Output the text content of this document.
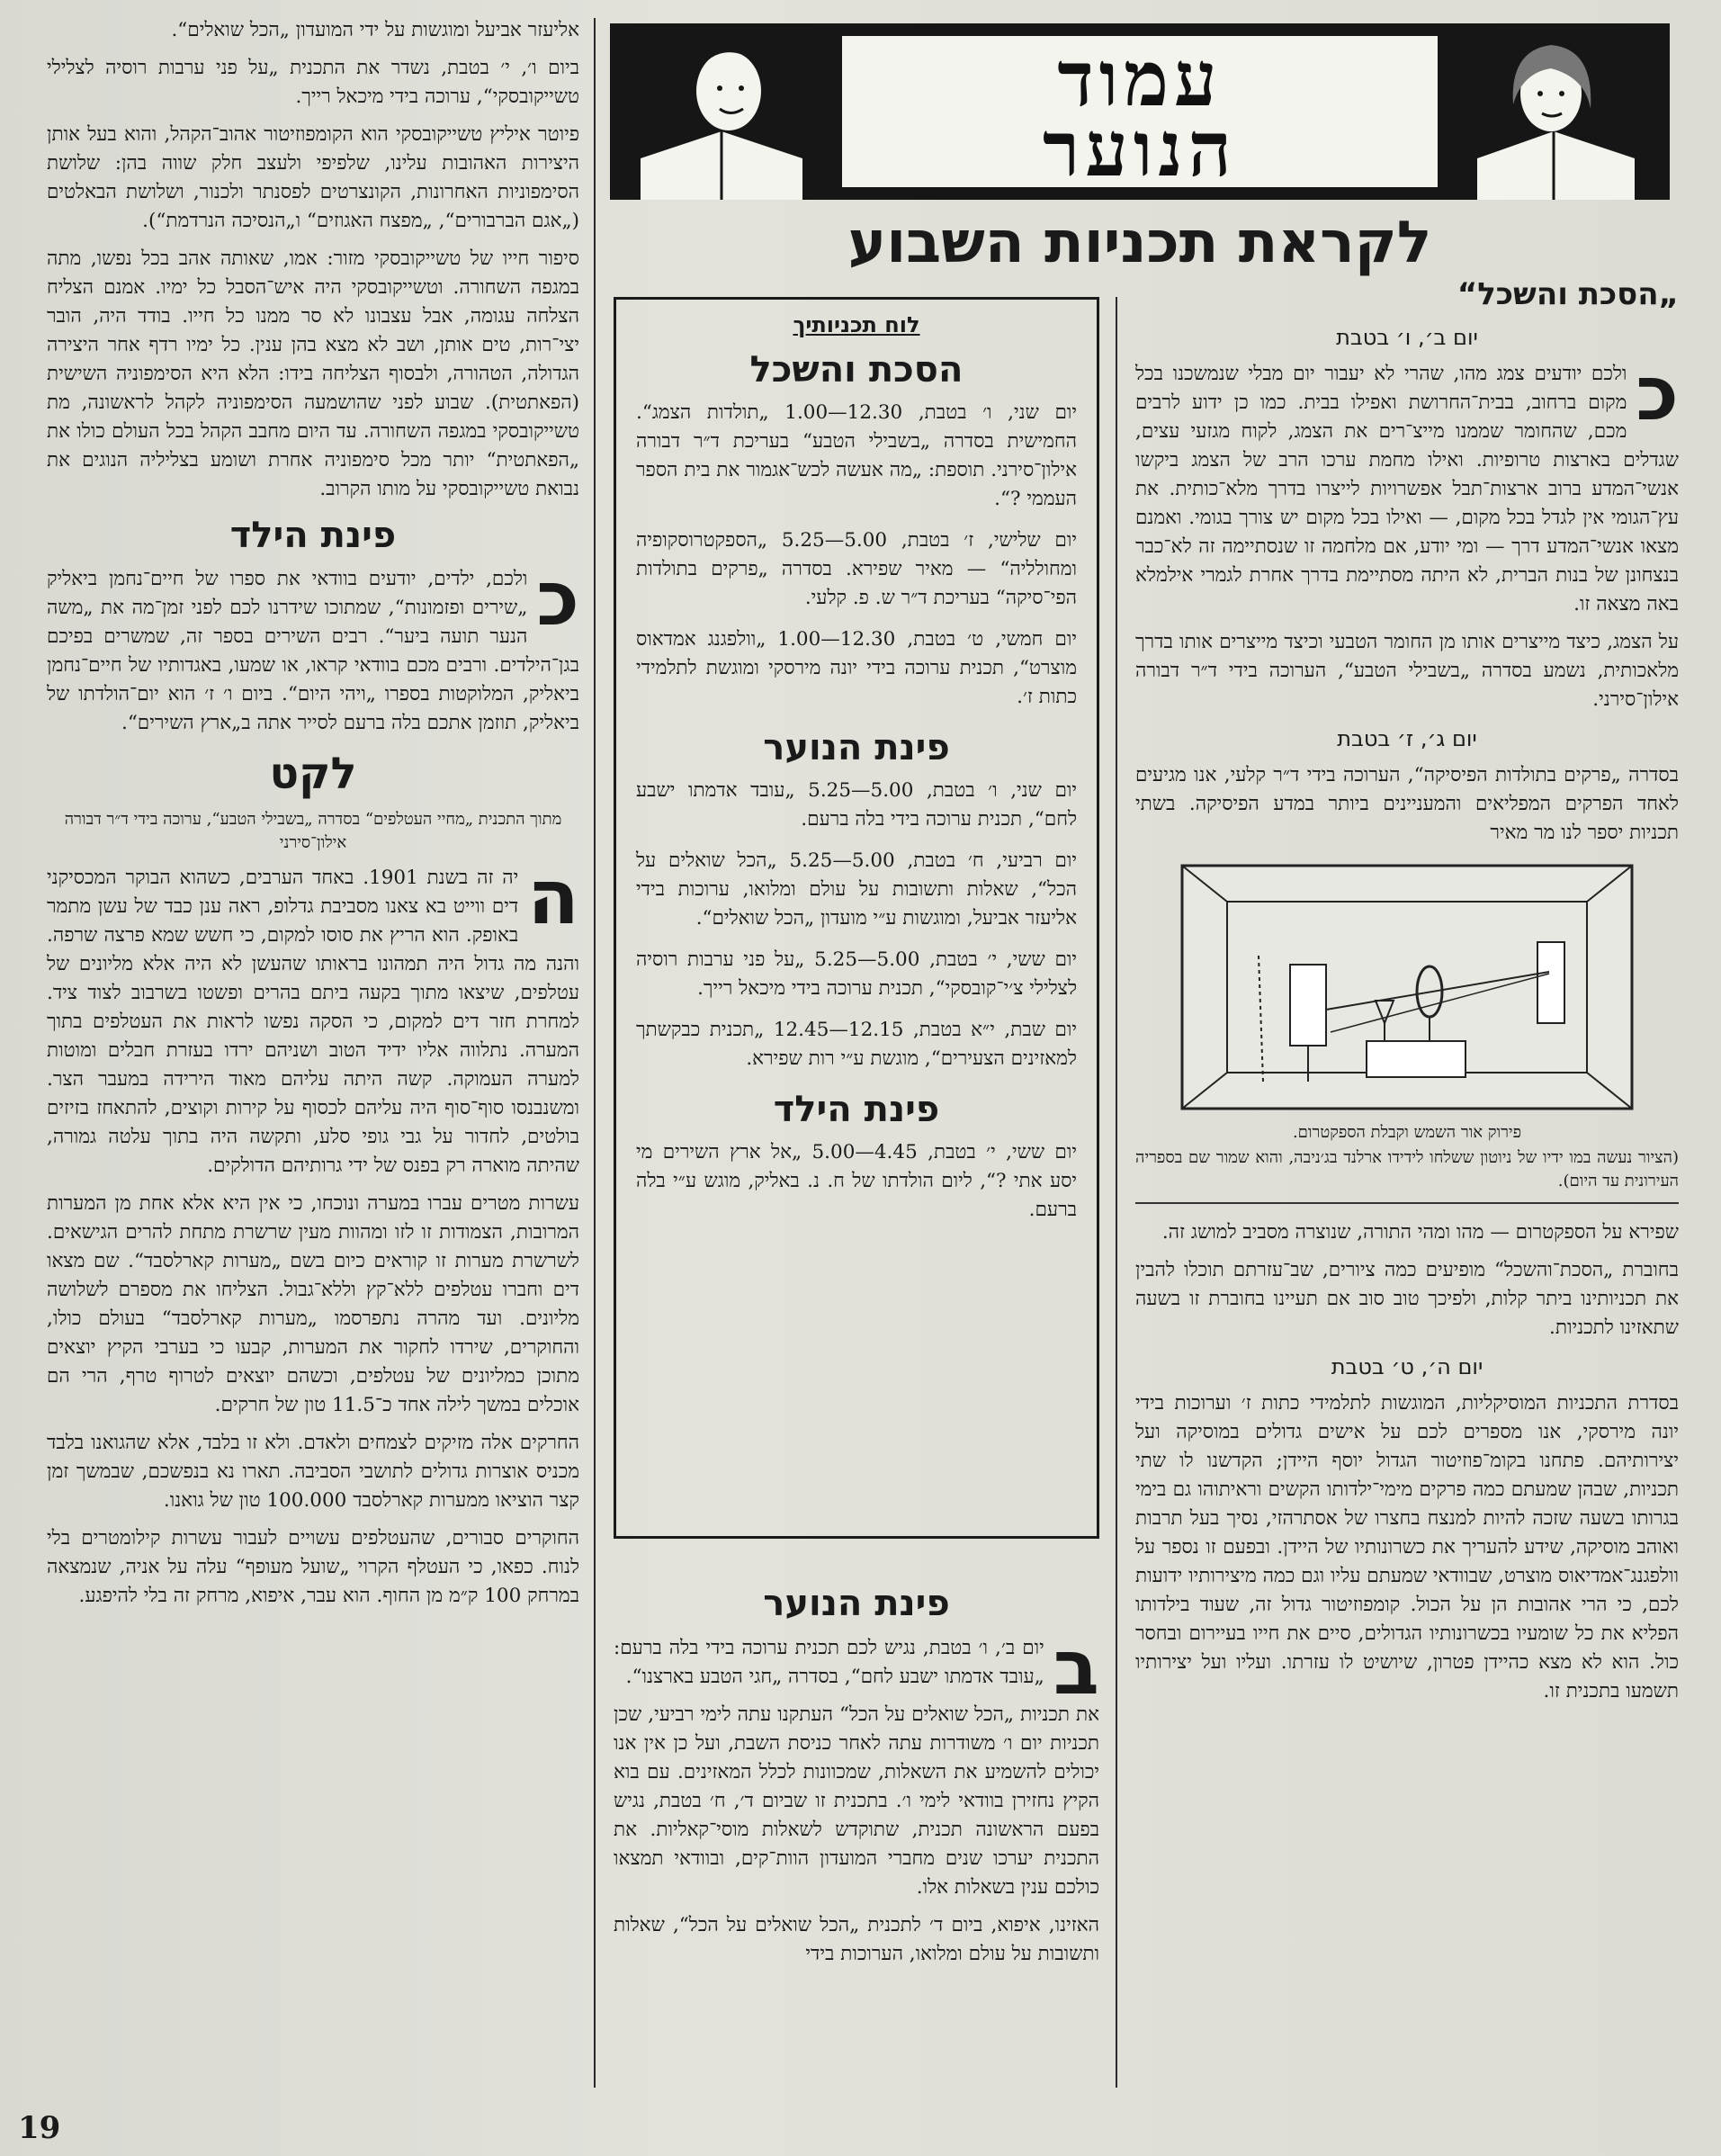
אליעזר אביעל ומוגשות על ידי המועדון „הכל שואלים“.

ביום ו׳, י׳ בטבת, נשדר את התכנית „על פני ערבות רוסיה לצלילי טשייקובסקי“, ערוכה בידי מיכאל רייך.

פיוטר איליץ טשייקובסקי הוא הקומפוזיטור אהוב־הקהל, והוא בעל אותן היצירות האהובות עלינו, שלפיפי ולעצב חלק שווה בהן: שלושת הסימפוניות האחרונות, הקונצרטים לפסנתר ולכנור, ושלושת הבאלטים („אגם הברבורים“, „מפצח האגוזים“ ו„הנסיכה הנרדמת“).

סיפור חייו של טשייקובסקי מזור: אמו, שאותה אהב בכל נפשו, מתה במגפה השחורה. וטשייקובסקי היה איש־הסבל כל ימיו. אמנם הצליח הצלחה עגומה, אבל עצבונו לא סר ממנו כל חייו. בודד היה, הובר יצי־רות, טים אותן, ושב לא מצא בהן ענין. כל ימיו רדף אחר היצירה הגדולה, הטהורה, ולבסוף הצליחה בידו: הלא היא הסימפוניה השישית (הפאתטית). שבוע לפני שהושמעה הסימפוניה לקהל לראשונה, מת טשייקובסקי במגפה השחורה. עד היום מחבב הקהל בכל העולם כולו את „הפאתטית“ יותר מכל סימפוניה אחרת ושומע בצליליה הנוגים את נבואת טשייקובסקי על מותו הקרוב.

פינת הילד

כ
ולכם, ילדים, יודעים בוודאי את ספרו של חיים־נחמן ביאליק „שירים ופזמונות“, שמתוכו שידרנו לכם לפני זמן־מה את „משה הנער תועה ביער“. רבים השירים בספר זה, שמשרים בפיכם בגן־הילדים. ורבים מכם בוודאי קראו, או שמעו, באגדותיו של חיים־נחמן ביאליק, המלוקטות בספרו „ויהי היום“. ביום ו׳ ז׳ הוא יום־הולדתו של ביאליק, תוזמן אתכם בלה ברעם לסייר אתה ב„ארץ השירים“.

לקט

מתוך התכנית „מחיי העטלפים“ בסדרה „בשבילי הטבע“, ערוכה בידי ד״ר דבורה אילון־סירני

ה
יה זה בשנת 1901. באחד הערבים, כשהוא הבוקר המכסיקני דים ווייט בא צאנו מסביבת גדלופ, ראה ענן כבד של עשן מתמר באופק. הוא הריץ את סוסו למקום, כי חשש שמא פרצה שרפה. והנה מה גדול היה תמהונו בראותו שהעשן לא היה אלא מליונים של עטלפים, שיצאו מתוך בקעה ביתם בהרים ופשטו בשרבוב לצוד ציד. למחרת חזר דים למקום, כי הסקה נפשו לראות את העטלפים בתוך המערה. נתלווה אליו ידיד הטוב ושניהם ירדו בעזרת חבלים ומוטות למערה העמוקה. קשה היתה עליהם מאוד הירידה במעבר הצר. ומשנבנסו סוף־סוף היה עליהם לכסוף על קירות וקוצים, להתאחז בזיזים בולטים, לחדור על גבי גופי סלע, ותקשה היה בתוך עלטה גמורה, שהיתה מוארה רק בפנס של ידי גרותיהם הדולקים.

עשרות מטרים עברו במערה ונוכחו, כי אין היא אלא אחת מן המערות המרובות, הצמודות זו לזו ומהוות מעין שרשרת מתחת להרים הגישאים. לשרשרת מערות זו קוראים כיום בשם „מערות קארלסבד“. שם מצאו דים וחברו עטלפים ללא־קץ וללא־גבול. הצליחו את מספרם לשלושה מליונים. ועד מהרה נתפרסמו „מערות קארלסבד“ בעולם כולו, והחוקרים, שירדו לחקור את המערות, קבעו כי בערבי הקיץ יוצאים מתוכן כמליונים של עטלפים, וכשהם יוצאים לטרוף טרף, הרי הם אוכלים במשך לילה אחד כ־11.5 טון של חרקים.

החרקים אלה מזיקים לצמחים ולאדם. ולא זו בלבד, אלא שהגואנו בלבד מכניס אוצרות גדולים לתושבי הסביבה. תארו נא בנפשכם, שבמשך זמן קצר הוציאו ממערות קארלסבד 100.000 טון של גואנו.

החוקרים סבורים, שהעטלפים עשויים לעבור עשרות קילומטרים בלי לנוח. כפאו, כי העטלף הקרוי „שועל מעופף“ עלה על אניה, שנמצאה במרחק 100 ק״מ מן החוף. הוא עבר, איפוא, מרחק זה בלי להיפגע.

עמוד
הנוער
לקראת תכניות השבוע
לוח תכניותיך
הסכת והשכל
יום שני, ו׳ בטבת, 12.30—1.00 „תולדות הצמג“. החמישית בסדרה „בשבילי הטבע“ בעריכת ד״ר דבורה אילון־סירני. תוספת: „מה אעשה לכש־אגמור את בית הספר העממי ?“.
יום שלישי, ז׳ בטבת, 5.00—5.25 „הספקטרוסקופיה ומחולליה“ — מאיר שפירא. בסדרה „פרקים בתולדות הפי־סיקה“ בעריכת ד״ר ש. פ. קלעי.
יום חמשי, ט׳ בטבת, 12.30—1.00 „וולפגנג אמדאוס מוצרט“, תכנית ערוכה בידי יונה מירסקי ומוגשת לתלמידי כתות ז׳.
פינת הנוער
יום שני, ו׳ בטבת, 5.00—5.25 „עובד אדמתו ישבע לחם“, תכנית ערוכה בידי בלה ברעם.
יום רביעי, ח׳ בטבת, 5.00—5.25 „הכל שואלים על הכל“, שאלות ותשובות על עולם ומלואו, ערוכות בידי אליעזר אביעל, ומוגשות ע״י מועדון „הכל שואלים“.
יום ששי, י׳ בטבת, 5.00—5.25 „על פני ערבות רוסיה לצלילי צ׳י־קובסקי“, תכנית ערוכה בידי מיכאל רייך.
יום שבת, י״א בטבת, 12.15—12.45 „תכנית כבקשתך למאזינים הצעירים“, מוגשת ע״י רות שפירא.
פינת הילד
יום ששי, י׳ בטבת, 4.45—5.00 „אל ארץ השירים מי יסע אתי ?“, ליום הולדתו של ח. נ. באליק, מוגש ע״י בלה ברעם.
פינת הנוער

ב
יום ב׳, ו׳ בטבת, נגיש לכם תכנית ערוכה בידי בלה ברעם: „עובד אדמתו ישבע לחם“, בסדרה „חגי הטבע בארצנו“.

את תכניות „הכל שואלים על הכל“ העתקנו עתה לימי רביעי, שכן תכניות יום ו׳ משודרות עתה לאחר כניסת השבת, ועל כן אין אנו יכולים להשמיע את השאלות, שמכוונות לכלל המאזינים. עם בוא הקיץ נחזירן בוודאי לימי ו׳. בתכנית זו שביום ד׳, ח׳ בטבת, נגיש בפעם הראשונה תכנית, שתוקדש לשאלות מוסי־קאליות. את התכנית יערכו שנים מחברי המועדון הוות־קים, ובוודאי תמצאו כולכם ענין בשאלות אלו.

האזינו, איפוא, ביום ד׳ לתכנית „הכל שואלים על הכל“, שאלות ותשובות על עולם ומלואו, הערוכות בידי

„הסכת והשכל“
יום ב׳, ו׳ בטבת

כ
ולכם יודעים צמג מהו, שהרי לא יעבור יום מבלי שנמשכנו בכל מקום ברחוב, בבית־החרושת ואפילו בבית. כמו כן ידוע לרבים מכם, שהחומר שממנו מייצ־רים את הצמג, לקוח מגזעי עצים, שגדלים בארצות טרופיות. ואילו מחמת ערכו הרב של הצמג ביקשו אנשי־המדע ברוב ארצות־תבל אפשרויות לייצרו בדרך מלא־כותית. את עץ־הגומי אין לגדל בכל מקום, — ואילו בכל מקום יש צורך בגומי. ואמנם מצאו אנשי־המדע דרך — ומי יודע, אם מלחמה זו שנסתיימה זה לא־כבר בנצחונן של בנות הברית, לא היתה מסתיימת בדרך אחרת לגמרי אילמלא באה מצאה זו.

על הצמג, כיצד מייצרים אותו מן החומר הטבעי וכיצד מייצרים אותו בדרך מלאכותית, נשמע בסדרה „בשבילי הטבע“, הערוכה בידי ד״ר דבורה אילון־סירני.

יום ג׳, ז׳ בטבת

בסדרה „פרקים בתולדות הפיסיקה“, הערוכה בידי ד״ר קלעי, אנו מגיעים לאחד הפרקים המפליאים והמעניינים ביותר במדע הפיסיקה. בשתי תכניות יספר לנו מר מאיר

פירוק אור השמש וקבלת הספקטרום.

(הציור נעשה במו ידיו של ניוטון ששלחו לידידו ארלנד בג׳ניבה, והוא שמור שם בספריה העירונית עד היום).

שפירא על הספקטרום — מהו ומהי התורה, שנוצרה מסביב למושג זה.

בחוברת „הסכת־והשכל“ מופיעים כמה ציורים, שב־עזרתם תוכלו להבין את תכניותינו ביתר קלות, ולפיכך טוב סוב אם תעיינו בחוברת זו בשעה שתאזינו לתכניות.

יום ה׳, ט׳ בטבת

בסדרת התכניות המוסיקליות, המוגשות לתלמידי כתות ז׳ וערוכות בידי יונה מירסקי, אנו מספרים לכם על אישים גדולים במוסיקה ועל יצירותיהם. פתחנו בקומ־פוזיטור הגדול יוסף היידן; הקדשנו לו שתי תכניות, שבהן שמעתם כמה פרקים מימי־ילדותו הקשים וראיתוהו גם בימי בגרותו בשעה שזכה להיות למנצח בחצרו של אסתרהזי, נסיך בעל תרבות ואוהב מוסיקה, שידע להעריך את כשרונותיו של היידן. ובפעם זו נספר על וולפגנג־אמדיאוס מוצרט, שבוודאי שמעתם עליו וגם כמה מיצירותיו ידועות לכם, כי הרי אהובות הן על הכול. קומפוזיטור גדול זה, שעוד בילדותו הפליא את כל שומעיו בכשרונותיו הגדולים, סיים את חייו בעיירום ובחסר כול. הוא לא מצא כהיידן פטרון, שיושיט לו עזרתו. ועליו ועל יצירותיו תשמעו בתכנית זו.

19
